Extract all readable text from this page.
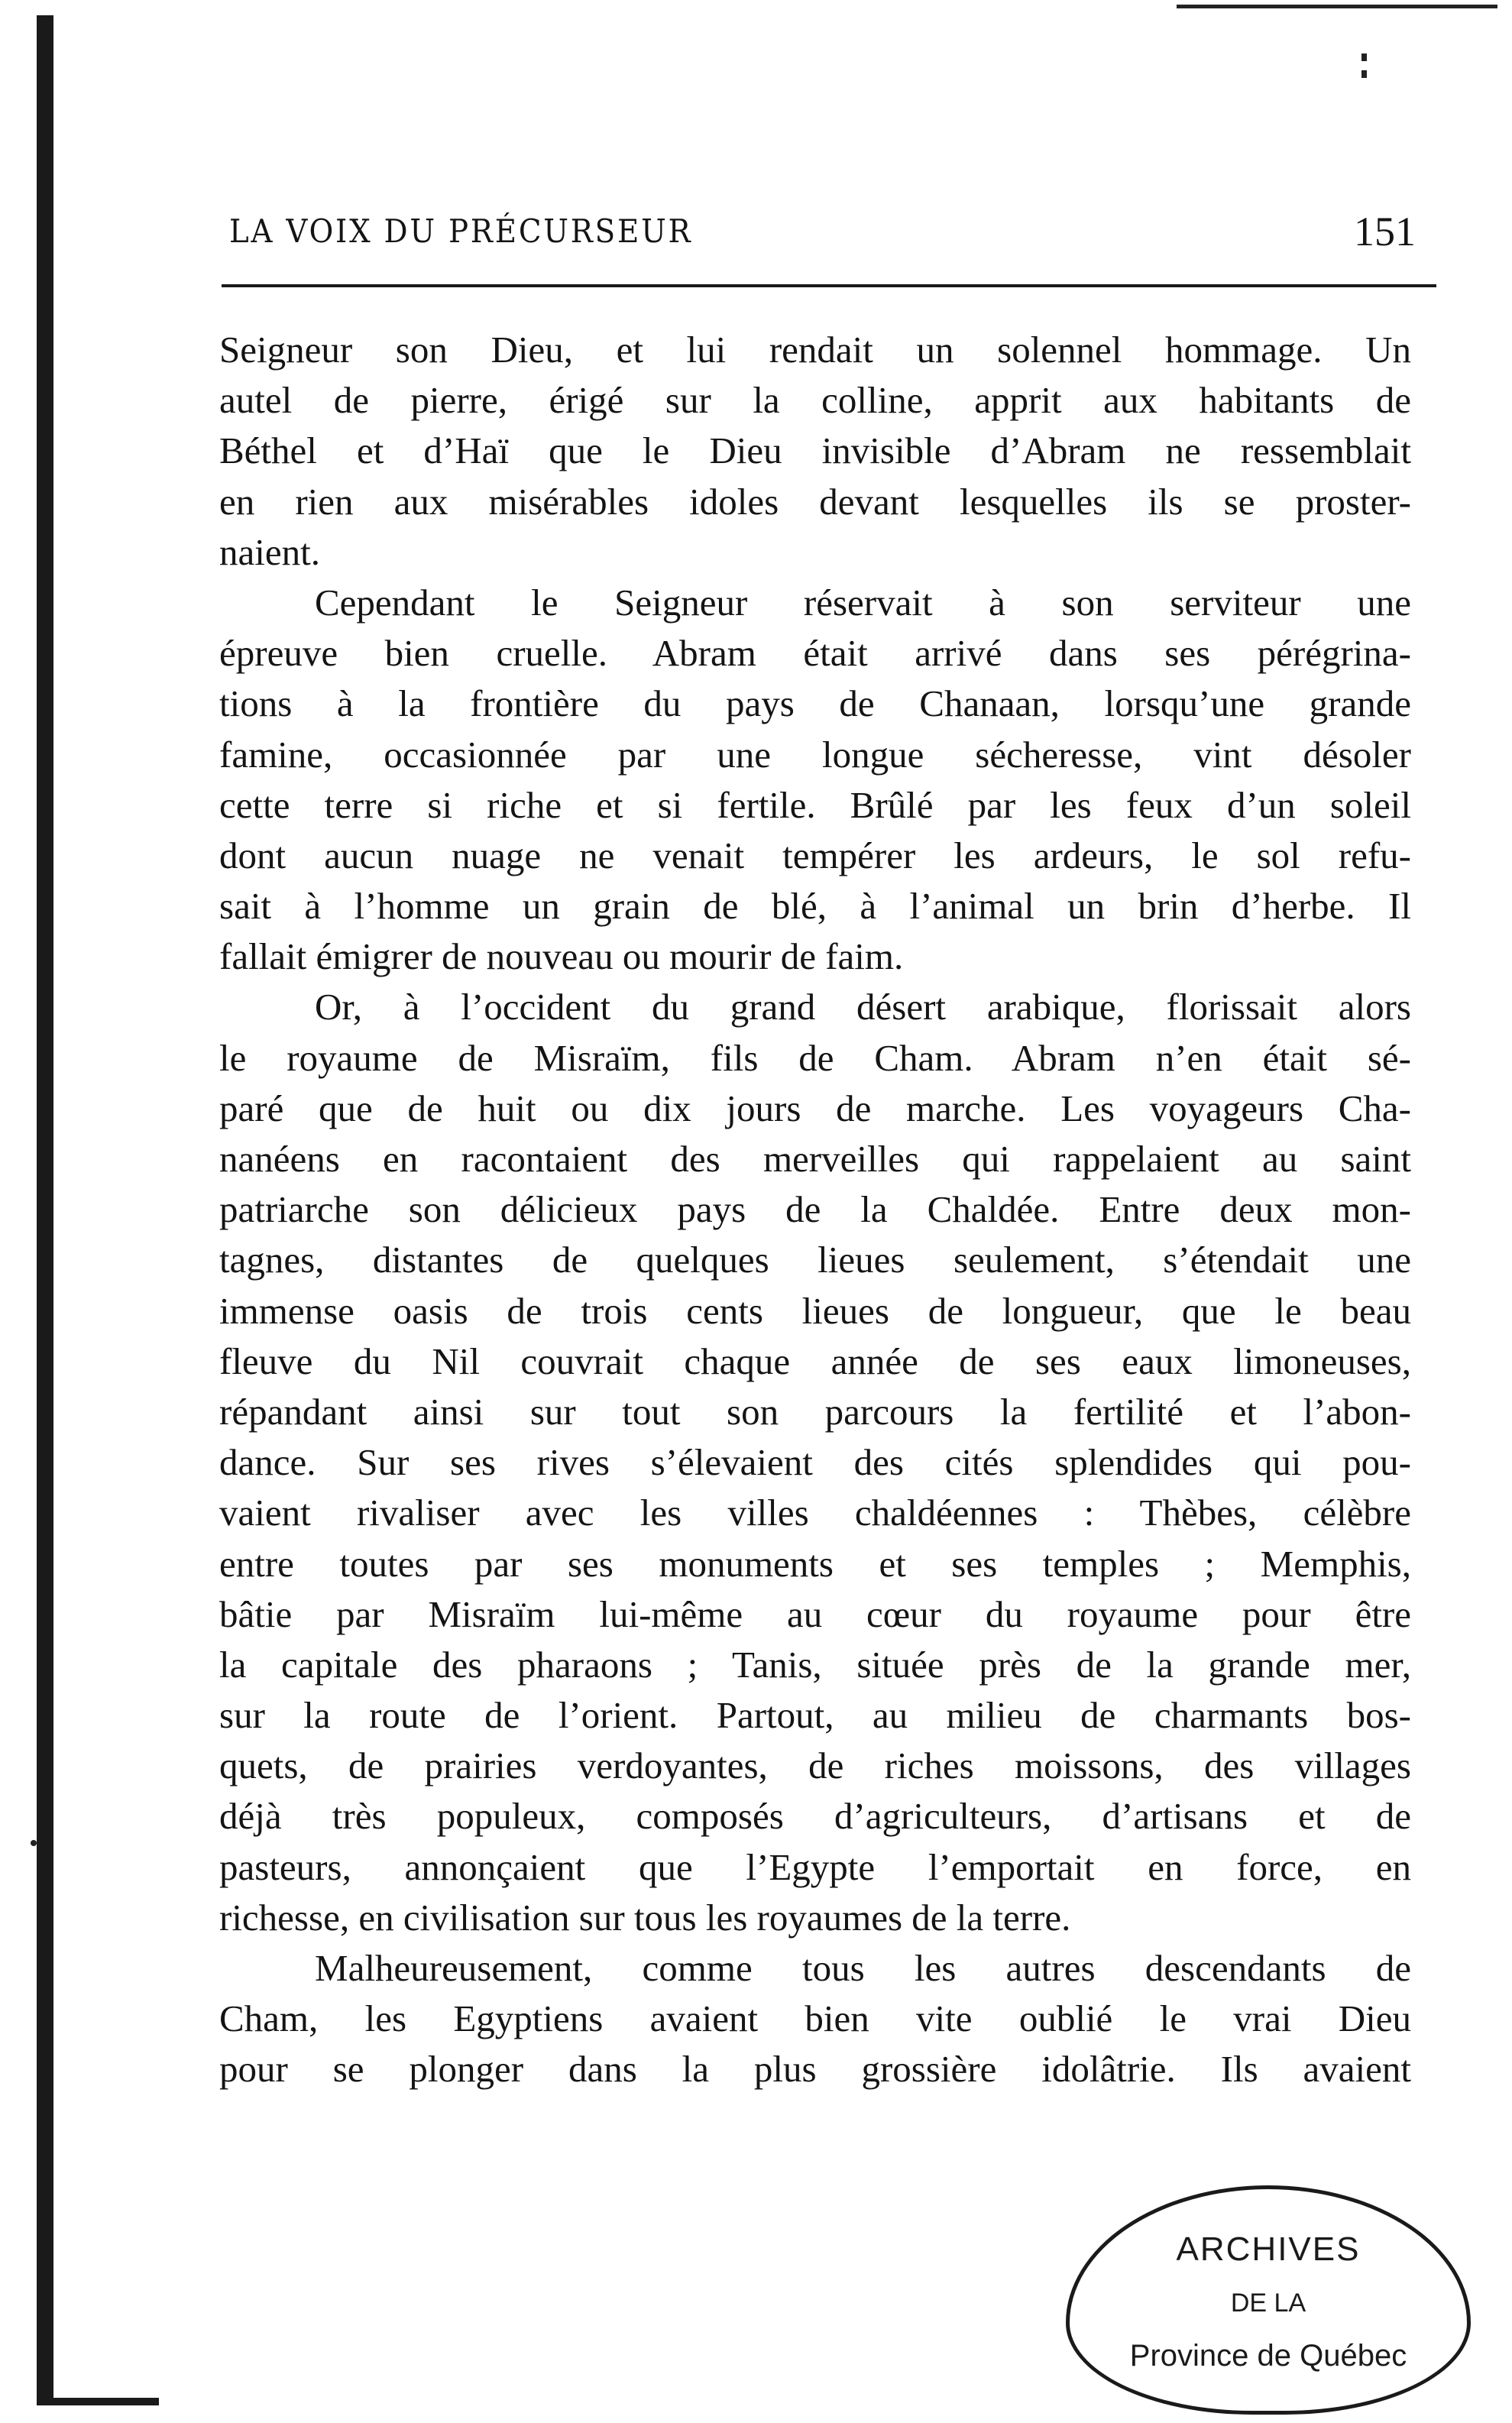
LA VOIX DU PRÉCURSEUR	151
Seigneur son Dieu, et lui rendait un solennel hommage. Un
autel de pierre, érigé sur la colline, apprit aux habitants de
Béthel et d’Haï que le Dieu invisible d’Abram ne ressemblait
en rien aux misérables idoles devant lesquelles ils se proster-
naient.
Cependant le Seigneur réservait à son serviteur une
épreuve bien cruelle. Abram était arrivé dans ses pérégrina-
tions à la frontière du pays de Chanaan, lorsqu’une grande
famine, occasionnée par une longue sécheresse, vint désoler
cette terre si riche et si fertile. Brûlé par les feux d’un soleil
dont aucun nuage ne venait tempérer les ardeurs, le sol refu-
sait à l’homme un grain de blé, à l’animal un brin d’herbe. Il
fallait émigrer de nouveau ou mourir de faim.
Or, à l’occident du grand désert arabique, florissait alors
le royaume de Misraïm, fils de Cham. Abram n’en était sé-
paré que de huit ou dix jours de marche. Les voyageurs Cha-
nanéens en racontaient des merveilles qui rappelaient au saint
patriarche son délicieux pays de la Chaldée. Entre deux mon-
tagnes, distantes de quelques lieues seulement, s’étendait une
immense oasis de trois cents lieues de longueur, que le beau
fleuve du Nil couvrait chaque année de ses eaux limoneuses,
répandant ainsi sur tout son parcours la fertilité et l’abon-
dance. Sur ses rives s’élevaient des cités splendides qui pou-
vaient rivaliser avec les villes chaldéennes : Thèbes, célèbre
entre toutes par ses monuments et ses temples ; Memphis,
bâtie par Misraïm lui-même au cœur du royaume pour être
la capitale des pharaons ; Tanis, située près de la grande mer,
sur la route de l’orient. Partout, au milieu de charmants bos-
quets, de prairies verdoyantes, de riches moissons, des villages
déjà très populeux, composés d’agriculteurs, d’artisans et de
pasteurs, annonçaient que l’Egypte l’emportait en force, en
richesse, en civilisation sur tous les royaumes de la terre.
Malheureusement, comme tous les autres descendants de
Cham, les Egyptiens avaient bien vite oublié le vrai Dieu
pour se plonger dans la plus grossière idolâtrie. Ils avaient
ARCHIVES
DE LA
Province de Québec
